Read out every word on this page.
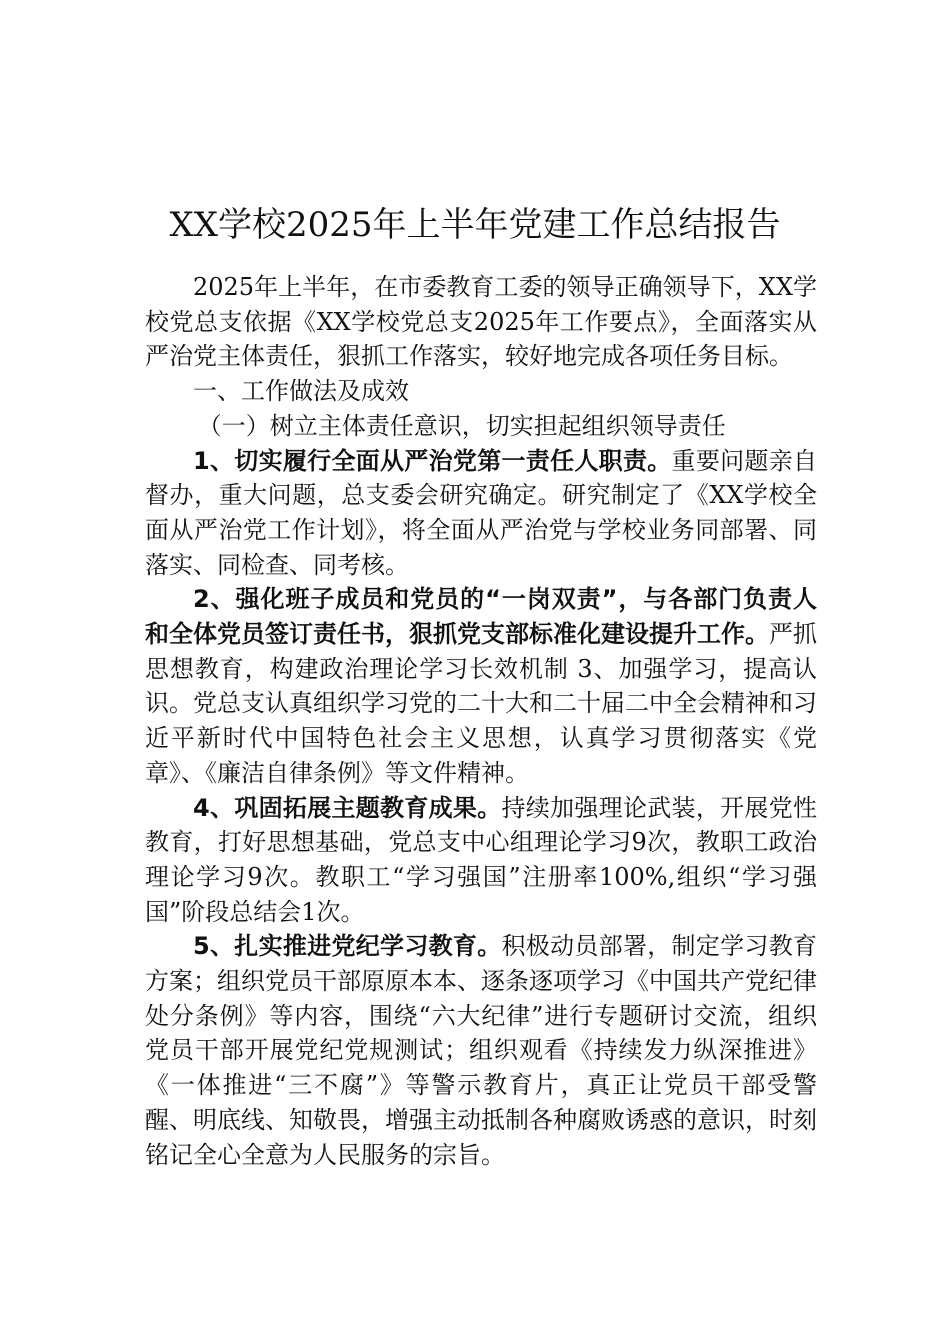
XX学校2025年上半年党建工作总结报告

2025年上半年，在市委教育工委的领导正确领导下，XX学校党总支依据《XX学校党总支2025年工作要点》，全面落实从严治党主体责任，狠抓工作落实，较好地完成各项任务目标。

一、工作做法及成效

（一）树立主体责任意识，切实担起组织领导责任

1、切实履行全面从严治党第一责任人职责。重要问题亲自督办，重大问题，总支委会研究确定。研究制定了《XX学校全面从严治党工作计划》，将全面从严治党与学校业务同部署、同落实、同检查、同考核。

2、强化班子成员和党员的“一岗双责”，与各部门负责人和全体党员签订责任书，狠抓党支部标准化建设提升工作。严抓思想教育，构建政治理论学习长效机制 3、加强学习，提高认识。党总支认真组织学习党的二十大和二十届二中全会精神和习近平新时代中国特色社会主义思想，认真学习贯彻落实《党章》、《廉洁自律条例》等文件精神。

4、巩固拓展主题教育成果。持续加强理论武装，开展党性教育，打好思想基础，党总支中心组理论学习9次，教职工政治理论学习9次。教职工“学习强国”注册率100%,组织“学习强国”阶段总结会1次。

5、扎实推进党纪学习教育。积极动员部署，制定学习教育方案；组织党员干部原原本本、逐条逐项学习《中国共产党纪律处分条例》等内容，围绕“六大纪律”进行专题研讨交流，组织党员干部开展党纪党规测试；组织观看《持续发力纵深推进》《一体推进“三不腐”》等警示教育片，真正让党员干部受警醒、明底线、知敬畏，增强主动抵制各种腐败诱惑的意识，时刻铭记全心全意为人民服务的宗旨。
